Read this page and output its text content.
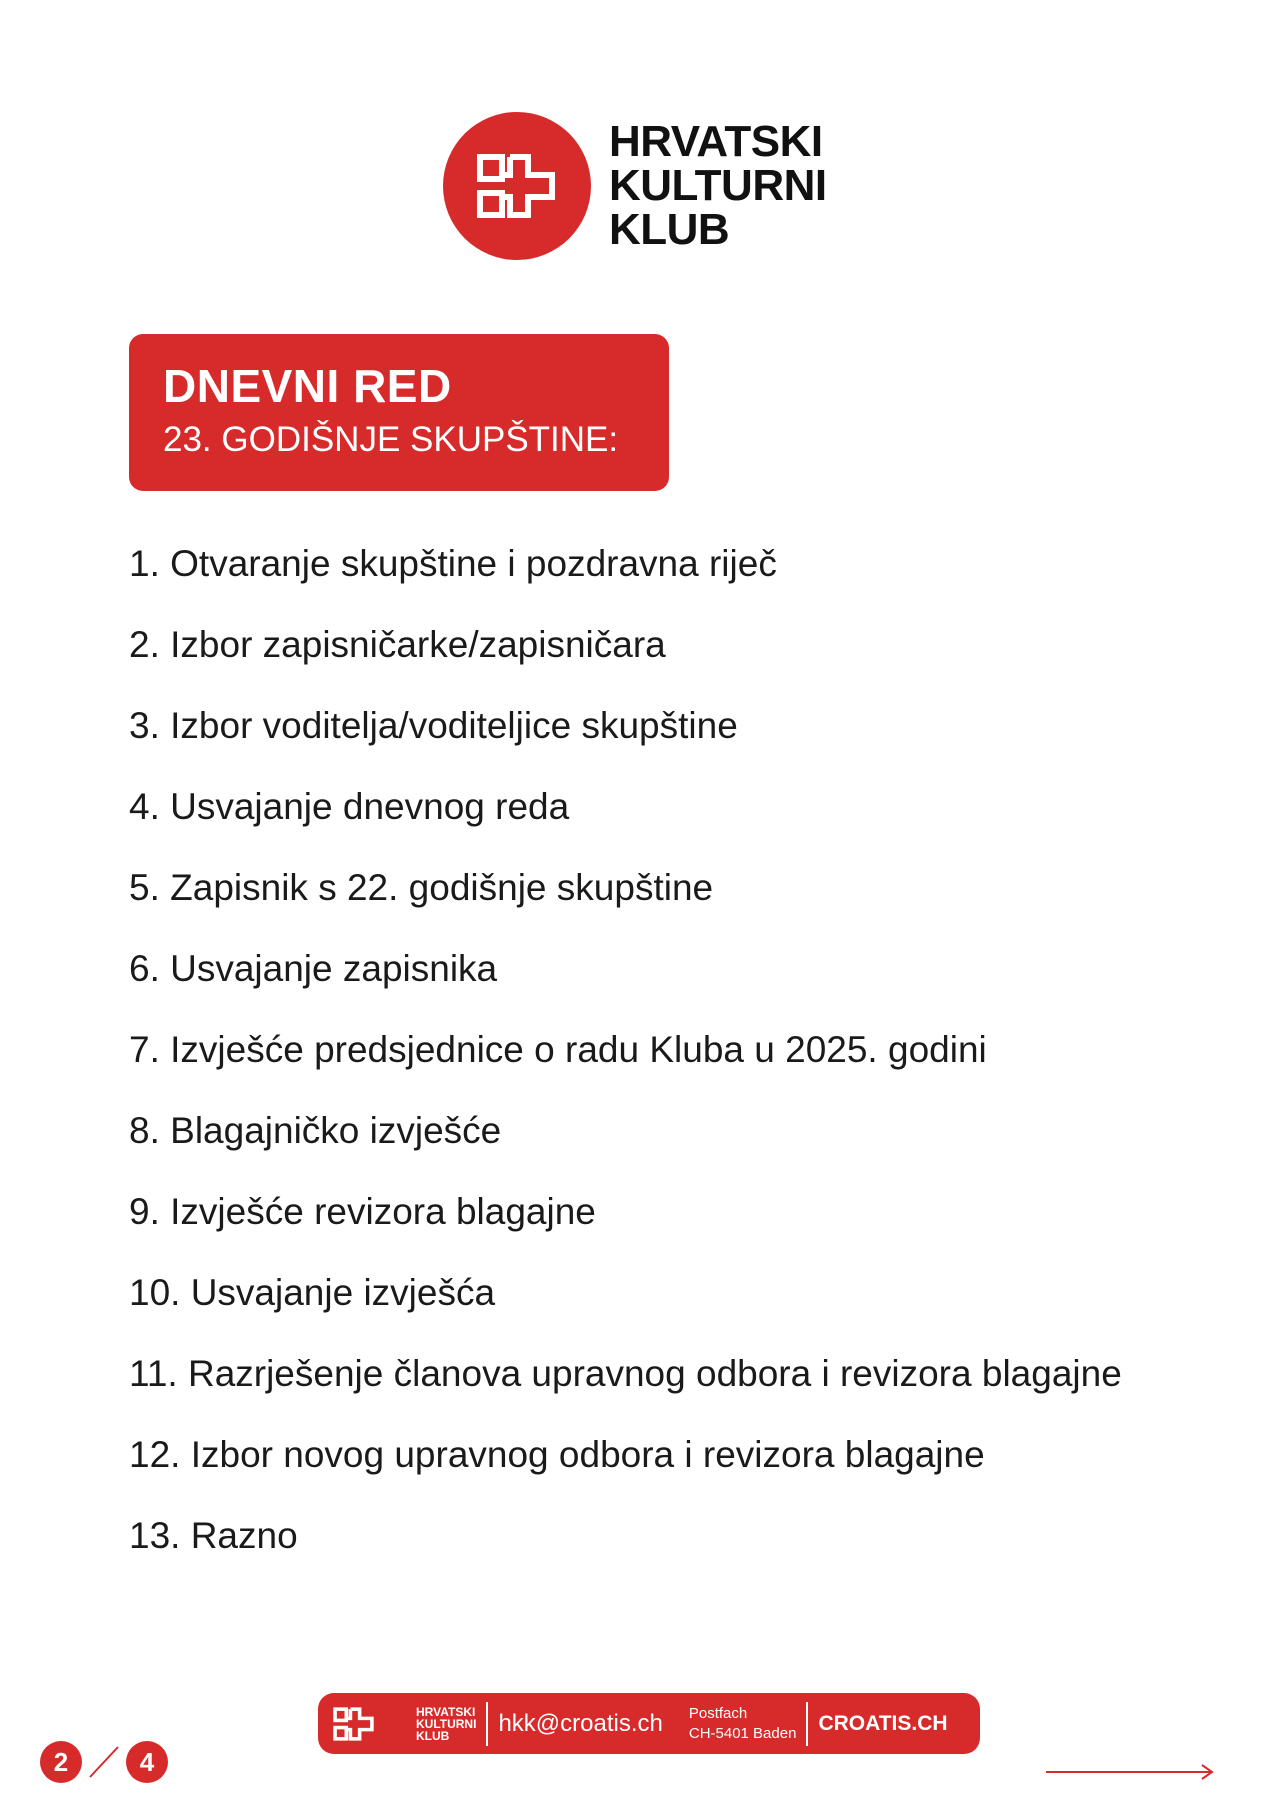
HRVATSKI
KULTURNI
KLUB
DNEVNI RED
23. GODIŠNJE SKUPŠTINE:
1. Otvaranje skupštine i pozdravna riječ
2. Izbor zapisničarke/zapisničara
3. Izbor voditelja/voditeljice skupštine
4. Usvajanje dnevnog reda
5. Zapisnik s 22. godišnje skupštine
6. Usvajanje zapisnika
7. Izvješće predsjednice o radu Kluba u 2025. godini
8. Blagajničko izvješće
9. Izvješće revizora blagajne
10. Usvajanje izvješća
11. Razrješenje članova upravnog odbora i revizora blagajne
12. Izbor novog upravnog odbora i revizora blagajne
13. Razno
HRVATSKI
KULTURNI
KLUB	hkk@croatis.ch Postfach
CH-5401 Baden CROATIS.CH
2	4
